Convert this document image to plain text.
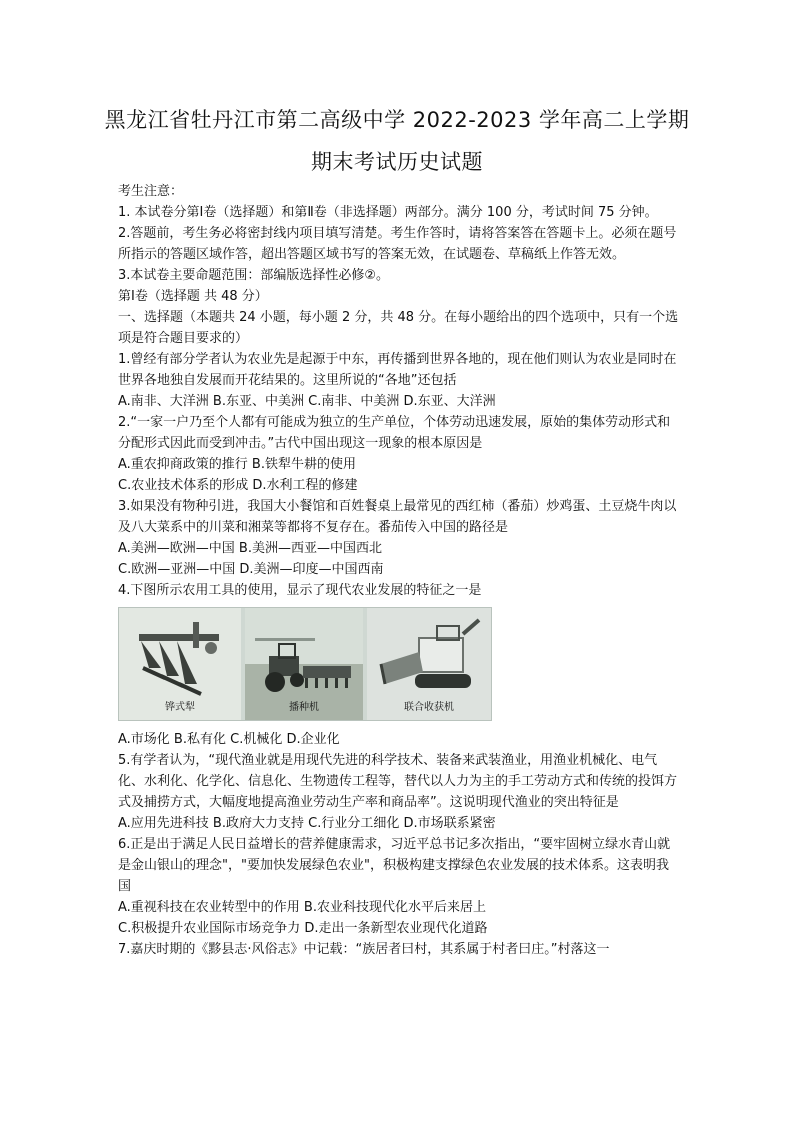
黑龙江省牡丹江市第二高级中学 2022-2023 学年高二上学期
期末考试历史试题

考生注意：

1. 本试卷分第Ⅰ卷（选择题）和第Ⅱ卷（非选择题）两部分。满分 100 分，考试时间 75 分钟。

2.答题前，考生务必将密封线内项目填写清楚。考生作答时，请将答案答在答题卡上。必须在题号所指示的答题区域作答，超出答题区域书写的答案无效，在试题卷、草稿纸上作答无效。

3.本试卷主要命题范围：部编版选择性必修②。

第Ⅰ卷（选择题 共 48 分）

一、选择题（本题共 24 小题，每小题 2 分，共 48 分。在每小题给出的四个选项中，只有一个选项是符合题目要求的）

1.曾经有部分学者认为农业先是起源于中东，再传播到世界各地的，现在他们则认为农业是同时在世界各地独自发展而开花结果的。这里所说的“各地”还包括

A.南非、大洋洲 B.东亚、中美洲 C.南非、中美洲 D.东亚、大洋洲

2.“一家一户乃至个人都有可能成为独立的生产单位，个体劳动迅速发展，原始的集体劳动形式和分配形式因此而受到冲击。”古代中国出现这一现象的根本原因是

A.重农抑商政策的推行 B.铁犁牛耕的使用

C.农业技术体系的形成 D.水利工程的修建

3.如果没有物种引进，我国大小餐馆和百姓餐桌上最常见的西红柿（番茄）炒鸡蛋、土豆烧牛肉以及八大菜系中的川菜和湘菜等都将不复存在。番茄传入中国的路径是

A.美洲—欧洲—中国 B.美洲—西亚—中国西北

C.欧洲—亚洲—中国 D.美洲—印度—中国西南

4.下图所示农用工具的使用，显示了现代农业发展的特征之一是

铧式犁	播种机	联合收获机

A.市场化 B.私有化 C.机械化 D.企业化

5.有学者认为，“现代渔业就是用现代先进的科学技术、装备来武装渔业，用渔业机械化、电气化、水利化、化学化、信息化、生物遗传工程等，替代以人力为主的手工劳动方式和传统的投饵方式及捕捞方式，大幅度地提高渔业劳动生产率和商品率”。这说明现代渔业的突出特征是

A.应用先进科技 B.政府大力支持 C.行业分工细化 D.市场联系紧密

6.正是出于满足人民日益增长的营养健康需求，习近平总书记多次指出，“要牢固树立绿水青山就是金山银山的理念"，"要加快发展绿色农业"，积极构建支撑绿色农业发展的技术体系。这表明我国

A.重视科技在农业转型中的作用 B.农业科技现代化水平后来居上

C.积极提升农业国际市场竞争力 D.走出一条新型农业现代化道路

7.嘉庆时期的《黟县志·风俗志》中记载：“族居者曰村，其系属于村者曰庄。”村落这一
